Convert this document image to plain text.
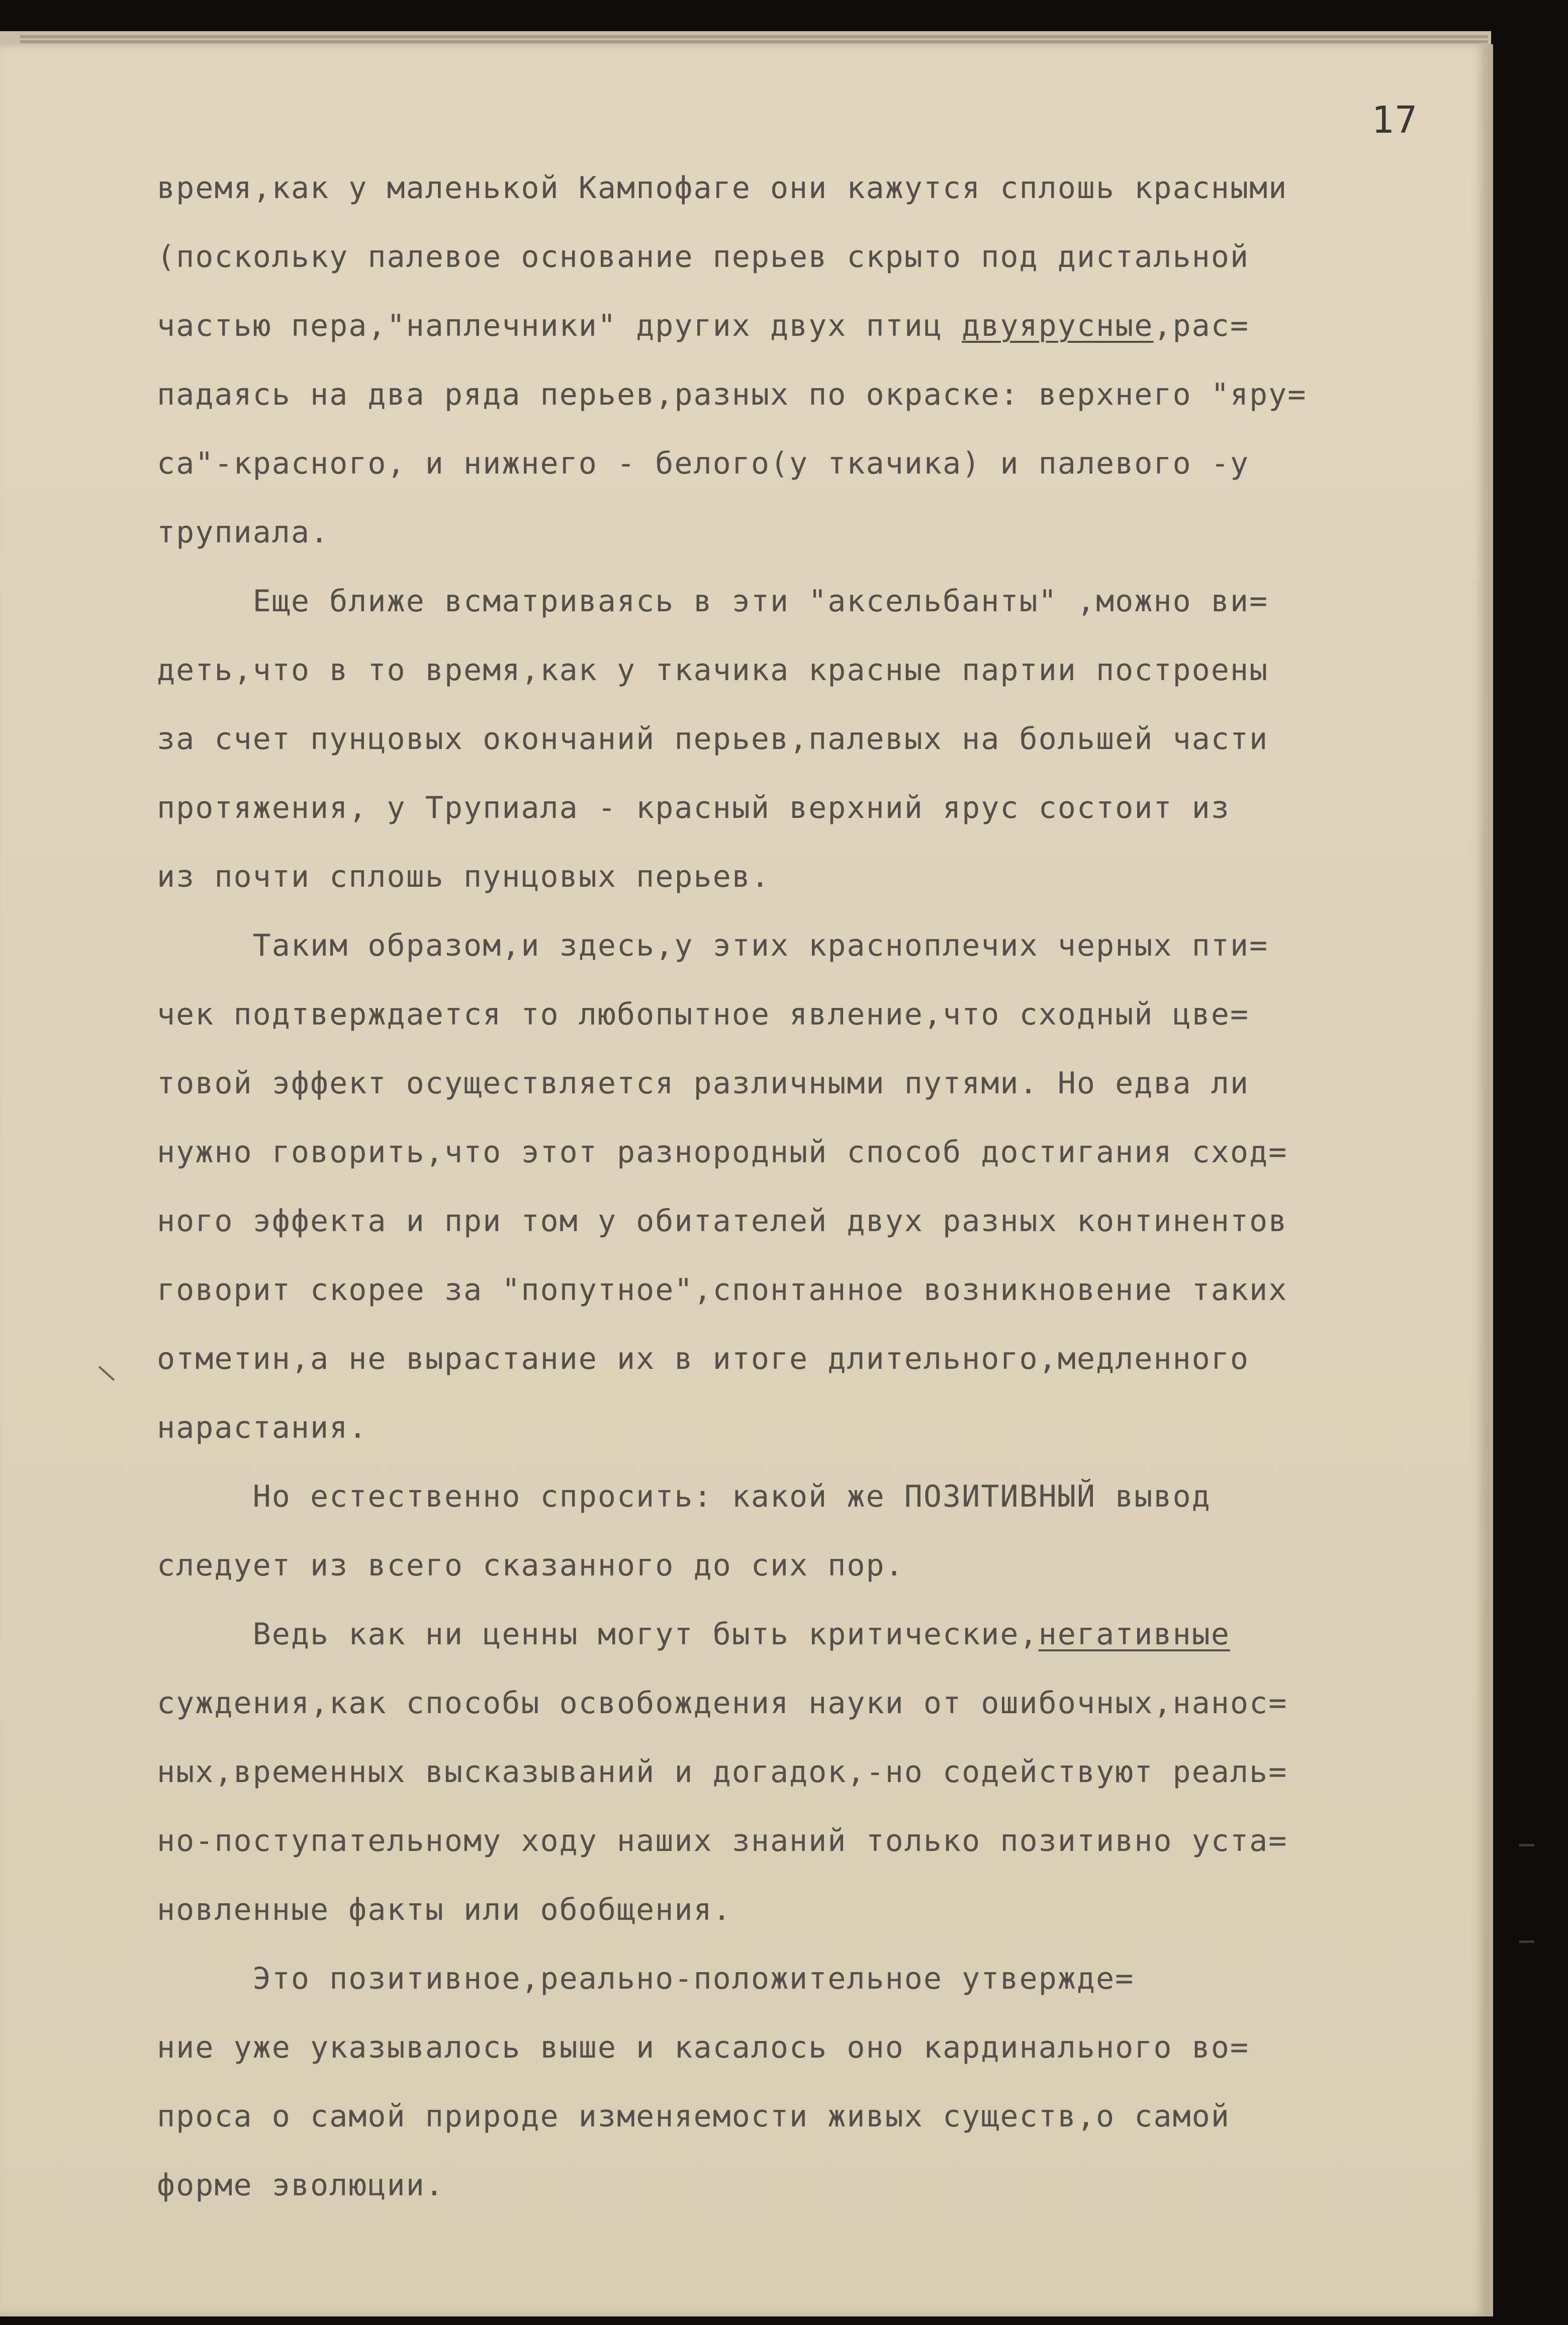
17
время,как у маленькой Кампофаге они кажутся сплошь красными
(поскольку палевое основание перьев скрыто под дистальной
частью пера,"наплечники" других двух птиц двуярусные,рас=
падаясь на два ряда перьев,разных по окраске: верхнего "яру=
са"-красного, и нижнего - белого(у ткачика) и палевого -у
трупиала.
Еще ближе всматриваясь в эти "аксельбанты" ,можно ви=
деть,что в то время,как у ткачика красные партии построены
за счет пунцовых окончаний перьев,палевых на большей части
протяжения, у Трупиала - красный верхний ярус состоит из
из почти сплошь пунцовых перьев.
Таким образом,и здесь,у этих красноплечих черных пти=
чек подтверждается то любопытное явление,что сходный цве=
товой эффект осуществляется различными путями. Но едва ли
нужно говорить,что этот разнородный способ достигания сход=
ного эффекта и при том у обитателей двух разных континентов
говорит скорее за "попутное",спонтанное возникновение таких
отметин,а не вырастание их в итоге длительного,медленного
нарастания.
Но естественно спросить: какой же ПОЗИТИВНЫЙ вывод
следует из всего сказанного до сих пор.
Ведь как ни ценны могут быть критические,негативные
суждения,как способы освобождения науки от ошибочных,нанос=
ных,временных высказываний и догадок,-но содействуют реаль=
но-поступательному ходу наших знаний только позитивно уста=
новленные факты или обобщения.
Это позитивное,реально-положительное утвержде=
ние уже указывалось выше и касалось оно кардинального во=
проса о самой природе изменяемости живых существ,о самой
форме эволюции.
